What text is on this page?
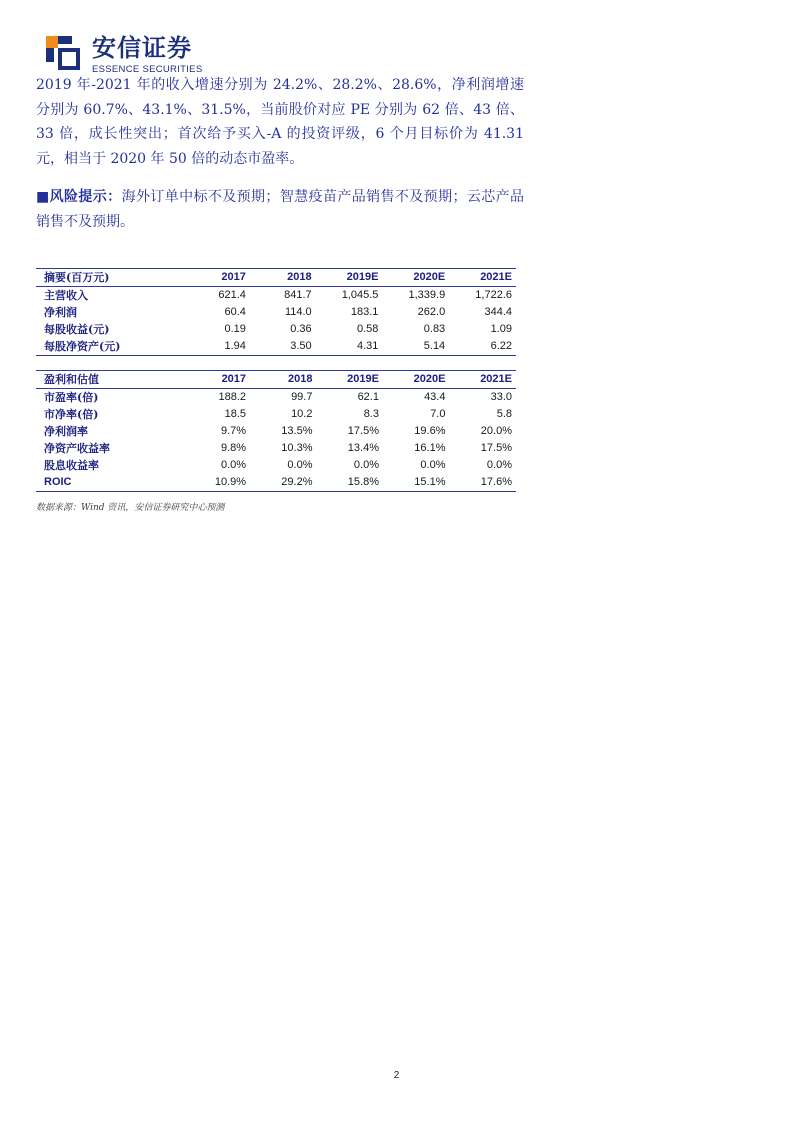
安信证券
ESSENCE SECURITIES

2019 年-2021 年的收入增速分别为 24.2%、28.2%、28.6%，净利润增速分别为 60.7%、43.1%、31.5%，当前股价对应 PE 分别为 62 倍、43 倍、33 倍，成长性突出；首次给予买入-A 的投资评级，6 个月目标价为 41.31 元，相当于 2020 年 50 倍的动态市盈率。

■风险提示：海外订单中标不及预期；智慧疫苗产品销售不及预期；云芯产品销售不及预期。

摘要(百万元)	2017	2018	2019E	2020E	2021E
主营收入	621.4	841.7	1,045.5	1,339.9	1,722.6
净利润	60.4	114.0	183.1	262.0	344.4
每股收益(元)	0.19	0.36	0.58	0.83	1.09
每股净资产(元)	1.94	3.50	4.31	5.14	6.22
盈利和估值	2017	2018	2019E	2020E	2021E
市盈率(倍)	188.2	99.7	62.1	43.4	33.0
市净率(倍)	18.5	10.2	8.3	7.0	5.8
净利润率	9.7%	13.5%	17.5%	19.6%	20.0%
净资产收益率	9.8%	10.3%	13.4%	16.1%	17.5%
股息收益率	0.0%	0.0%	0.0%	0.0%	0.0%
ROIC	10.9%	29.2%	15.8%	15.1%	17.6%
数据来源：Wind 资讯，安信证券研究中心预测
2
